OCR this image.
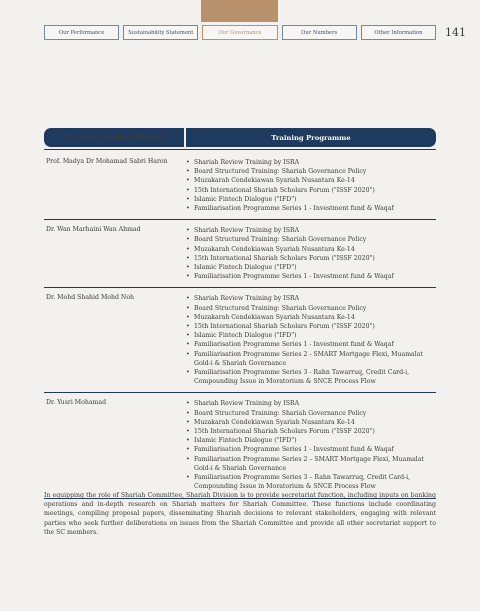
Our Performance	Sustainability Statement	Our Governance	Our Numbers	Other Information	141
Shariah Committee Member	Training Programme
Prof. Madya Dr Mohamad Sabri Haron	• Shariah Review Training by ISRA
• Board Structured Training: Shariah Governance Policy
• Muzakarah Cendekiawan Syariah Nusantara Ke-14
• 15th International Shariah Scholars Forum ("ISSF 2020")
• Islamic Fintech Dialogue ("IFD")
• Familiarisation Programme Series 1 - Investment fund & Waqaf
Dr. Wan Marhaini Wan Ahmad	• Shariah Review Training by ISRA
• Board Structured Training: Shariah Governance Policy
• Muzakarah Cendekiawan Syariah Nusantara Ke-14
• 15th International Shariah Scholars Forum ("ISSF 2020")
• Islamic Fintech Dialogue ("IFD")
• Familiarisation Programme Series 1 - Investment fund & Waqaf
Dr. Mohd Shahid Mohd Noh	• Shariah Review Training by ISRA
• Board Structured Training: Shariah Governance Policy
• Muzakarah Cendekiawan Syariah Nusantara Ke-14
• 15th International Shariah Scholars Forum ("ISSF 2020")
• Islamic Fintech Dialogue ("IFD")
• Familiarisation Programme Series 1 - Investment fund & Waqaf
• Familiarisation Programme Series 2 - SMART Mortgage Flexi, Muamalat Gold-i & Shariah Governance
• Familiarisation Programme Series 3 - Rahn Tawarruq, Credit Card-i, Compounding Issue in Moratorium & SNCE Process Flow
Dr. Yusri Mohamad	• Shariah Review Training by ISRA
• Board Structured Training: Shariah Governance Policy
• Muzakarah Cendekiawan Syariah Nusantara Ke-14
• 15th International Shariah Scholars Forum ("ISSF 2020")
• Islamic Fintech Dialogue ("IFD")
• Familiarisation Programme Series 1 - Investment fund & Waqaf
• Familiarisation Programme Series 2 – SMART Mortgage Flexi, Muamalat Gold-i & Shariah Governance
• Familiarisation Programme Series 3 – Rahn Tawarruq, Credit Card-i, Compounding Issue in Moratorium & SNCE Process Flow

In equipping the role of Shariah Committee, Shariah Division is to provide secretariat function, including inputs on banking operations and in-depth research on Shariah matters for Shariah Committee. These functions include coordinating meetings, compiling proposal papers, disseminating Shariah decisions to relevant stakeholders, engaging with relevant parties who seek further deliberations on issues from the Shariah Committee and provide all other secretariat support to the SC members.
